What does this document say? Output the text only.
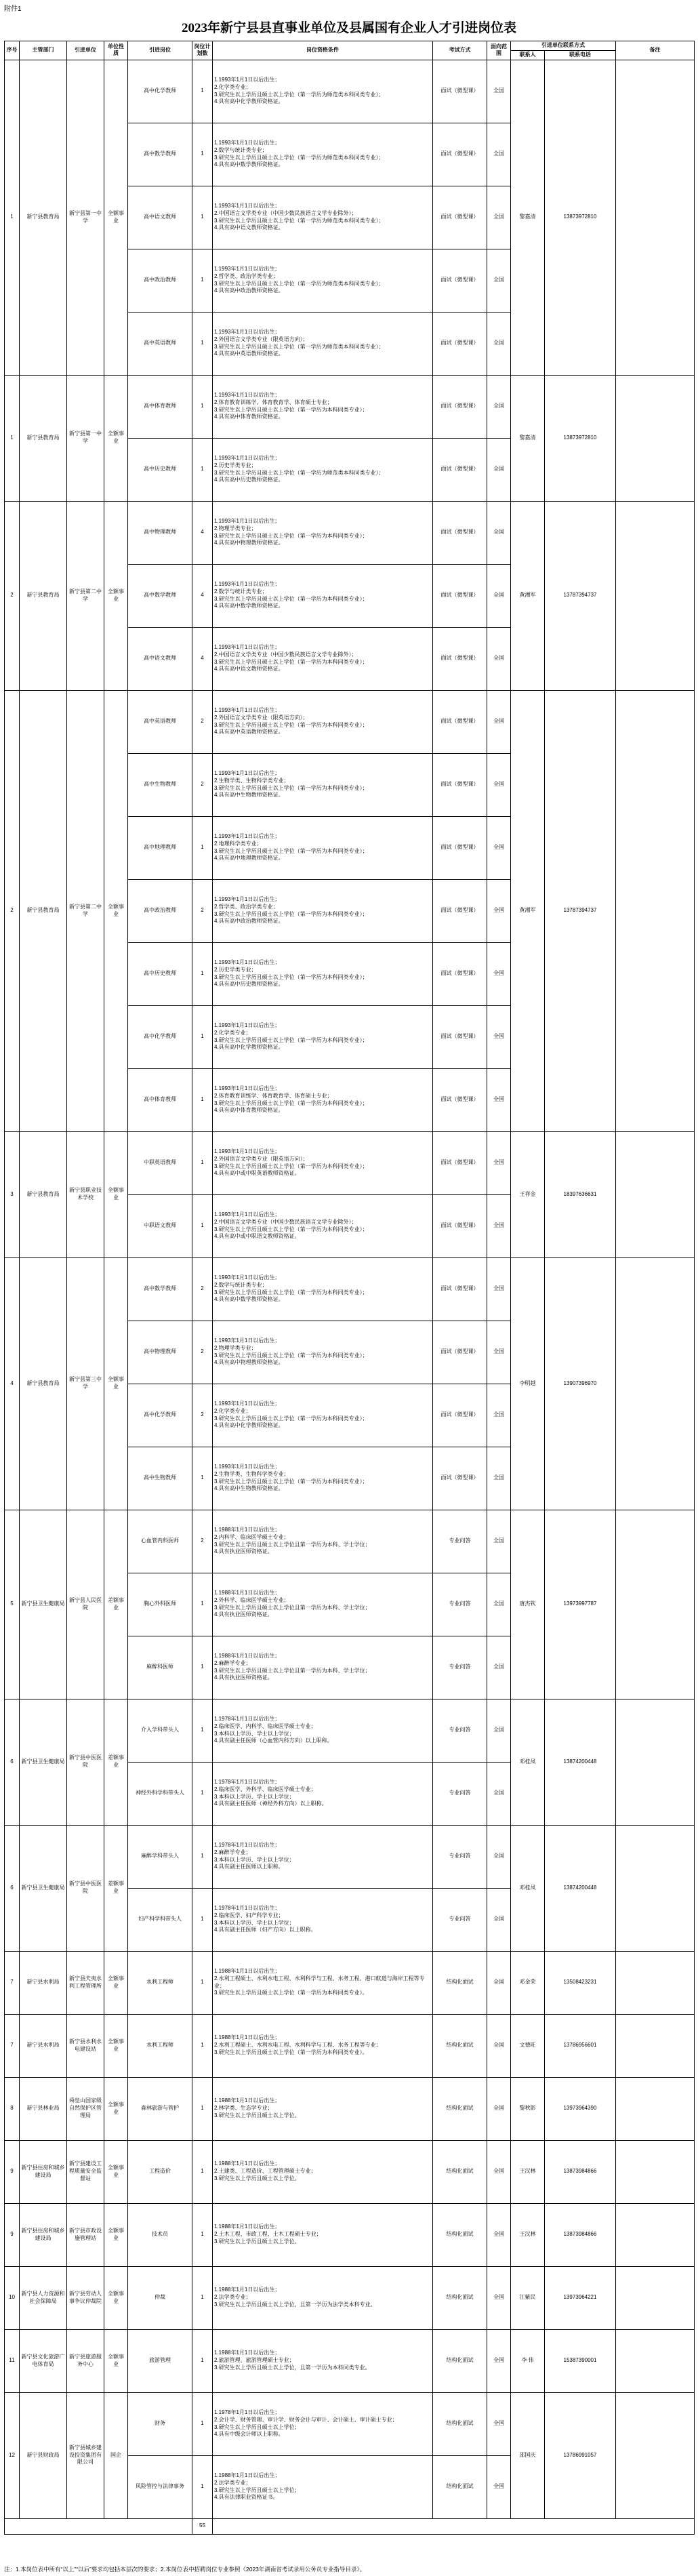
附件1
2023年新宁县县直事业单位及县属国有企业人才引进岗位表
序号	主管部门	引进单位	单位性质	引进岗位	岗位计划数	岗位资格条件	考试方式	面向范围	引进单位联系方式		备注
									联系人	联系电话	
1	新宁县教育局	新宁县第一中学	全额事业	高中化学教师	1	1.1993年1月1日以后出生；
2.化学类专业；
3.研究生以上学历且硕士以上学位（第一学历为师范类本科同类专业）；
4.具有高中化学教师资格证。	面试（微型课）	全国	黎嘉清	13873972810	
				高中数学教师	1	1.1993年1月1日以后出生；
2.数学与统计类专业；
3.研究生以上学历且硕士以上学位（第一学历为师范类本科同类专业）；
4.具有高中数学教师资格证。	面试（微型课）	全国			
				高中语文教师	1	1.1993年1月1日以后出生；
2.中国语言文学类专业（中国少数民族语言文学专业除外）；
3.研究生以上学历且硕士以上学位（第一学历为师范类本科同类专业）；
4.具有高中语文教师资格证。	面试（微型课）	全国			
				高中政治教师	1	1.1993年1月1日以后出生；
2.哲学类、政治学类专业；
3.研究生以上学历且硕士以上学位（第一学历为师范类本科同类专业）；
4.具有高中政治教师资格证。	面试（微型课）	全国			
				高中英语教师	1	1.1993年1月1日以后出生；
2.外国语言文学类专业（限英语方向）；
3.研究生以上学历且硕士以上学位（第一学历为师范类本科同类专业）；
4.具有高中英语教师资格证。	面试（微型课）	全国			
1	新宁县教育局	新宁县第一中学	全额事业	高中体育教师	1	1.1993年1月1日以后出生；
2.体育教育训练学、体育教育学、体育硕士专业；
3.研究生以上学历且硕士以上学位（第一学历为本科同类专业）；
4.具有高中体育教师资格证。	面试（微型课）	全国	黎嘉清	13873972810	
				高中历史教师	1	1.1993年1月1日以后出生；
2.历史学类专业；
3.研究生以上学历且硕士以上学位（第一学历为师范类本科同类专业）；
4.具有高中历史教师资格证。	面试（微型课）	全国			
2	新宁县教育局	新宁县第二中学	全额事业	高中物理教师	4	1.1993年1月1日以后出生；
2.物理学类专业；
3.研究生以上学历且硕士以上学位（第一学历为本科同类专业）；
4.具有高中物理教师资格证。	面试（微型课）	全国	黄湘军	13787394737	
				高中数学教师	4	1.1993年1月1日以后出生；
2.数学与统计类专业；
3.研究生以上学历且硕士以上学位（第一学历为本科同类专业）；
4.具有高中数学教师资格证。	面试（微型课）	全国			
				高中语文教师	4	1.1993年1月1日以后出生；
2.中国语言文学类专业（中国少数民族语言文学专业除外）；
3.研究生以上学历且硕士以上学位（第一学历为本科同类专业）；
4.具有高中语文教师资格证。	面试（微型课）	全国			
2	新宁县教育局	新宁县第二中学	全额事业	高中英语教师	2	1.1993年1月1日以后出生；
2.外国语言文学类专业（限英语方向）；
3.研究生以上学历且硕士以上学位（第一学历为本科同类专业）；
4.具有高中英语教师资格证。	面试（微型课）	全国	黄湘军	13787394737	
				高中生物教师	2	1.1993年1月1日以后出生；
2.生物学类、生物科学类专业；
3.研究生以上学历且硕士以上学位（第一学历为本科同类专业）；
4.具有高中生物教师资格证。	面试（微型课）	全国			
				高中地理教师	1	1.1993年1月1日以后出生；
2.地理科学类专业；
3.研究生以上学历且硕士以上学位（第一学历为本科同类专业）；
4.具有高中地理教师资格证。	面试（微型课）	全国			
				高中政治教师	2	1.1993年1月1日以后出生；
2.哲学类、政治学类专业；
3.研究生以上学历且硕士以上学位（第一学历为本科同类专业）；
4.具有高中政治教师资格证。	面试（微型课）	全国			
				高中历史教师	1	1.1993年1月1日以后出生；
2.历史学类专业；
3.研究生以上学历且硕士以上学位（第一学历为本科同类专业）；
4.具有高中历史教师资格证。	面试（微型课）	全国			
				高中化学教师	1	1.1993年1月1日以后出生；
2.化学类专业；
3.研究生以上学历且硕士以上学位（第一学历为本科同类专业）；
4.具有高中化学教师资格证。	面试（微型课）	全国			
				高中体育教师	1	1.1993年1月1日以后出生；
2.体育教育训练学、体育教育学、体育硕士专业；
3.研究生以上学历且硕士以上学位（第一学历为本科同类专业）；
4.具有高中体育教师资格证。	面试（微型课）	全国			
3	新宁县教育局	新宁县职业技术学校	全额事业	中职英语教师	1	1.1993年1月1日以后出生；
2.外国语言文学类专业（限英语方向）；
3.研究生以上学历且硕士以上学位（第一学历为本科同类专业）；
4.具有高中或中职英语教师资格证。	面试（微型课）	全国	王祥金	18397636631	
				中职语文教师	1	1.1993年1月1日以后出生；
2.中国语言文学类专业（中国少数民族语言文学专业除外）；
3.研究生以上学历且硕士以上学位（第一学历为本科同类专业）；
4.具有高中或中职语文教师资格证。	面试（微型课）	全国			
4	新宁县教育局	新宁县第三中学	全额事业	高中数学教师	2	1.1993年1月1日以后出生；
2.数学与统计类专业；
3.研究生以上学历且硕士以上学位（第一学历为本科同类专业）；
4.具有高中数学教师资格证。	面试（微型课）	全国	李明越	13907396970	
				高中物理教师	2	1.1993年1月1日以后出生；
2.物理学类专业；
3.研究生以上学历且硕士以上学位（第一学历为本科同类专业）；
4.具有高中物理教师资格证。	面试（微型课）	全国			
				高中化学教师	2	1.1993年1月1日以后出生；
2.化学类专业；
3.研究生以上学历且硕士以上学位（第一学历为本科同类专业）；
4.具有高中化学教师资格证。	面试（微型课）	全国			
				高中生物教师	1	1.1993年1月1日以后出生；
2.生物学类、生物科学类专业；
3.研究生以上学历且硕士以上学位（第一学历为本科同类专业）；
4.具有高中生物教师资格证。	面试（微型课）	全国			
5	新宁县卫生健康局	新宁县人民医院	差额事业	心血管内科医师	2	1.1988年1月1日以后出生；
2.内科学、临床医学硕士专业；
3.研究生以上学历且硕士以上学位且第一学历为本科、学士学位；
4.具有执业医师资格证。	专业问答	全国	唐杰钦	13973997787	
				胸心外科医师	1	1.1988年1月1日以后出生；
2.外科学、临床医学硕士专业；
3.研究生以上学历且硕士以上学位且第一学历为本科、学士学位；
4.具有执业医师资格证。	专业问答	全国			
				麻醉科医师	1	1.1988年1月1日以后出生；
2.麻醉学专业；
3.研究生以上学历且硕士以上学位且第一学历为本科、学士学位；
4.具有执业医师资格证。	专业问答	全国			
6	新宁县卫生健康局	新宁县中医医院	差额事业	介入学科带头人	1	1.1978年1月1日以后出生；
2.临床医学、内科学、临床医学硕士专业；
3.本科以上学历、学士以上学位；
4.具有副主任医师（心血管内科方向）以上职称。	专业问答	全国	邓桂凤	13874200448	
				神经外科学科带头人	1	1.1978年1月1日以后出生；
2.临床医学、外科学、临床医学硕士专业；
3.本科以上学历、学士以上学位；
4.具有副主任医师（神经外科方向）以上职称。	专业问答	全国			
6	新宁县卫生健康局	新宁县中医医院	差额事业	麻醉学科带头人	1	1.1978年1月1日以后出生；
2.麻醉学专业；
3.本科以上学历、学士以上学位；
4.具有副主任医师以上职称。	专业问答	全国	邓桂凤	13874200448	
				妇产科学科带头人	1	1.1978年1月1日以后出生；
2.临床医学、妇产科学专业；
3.本科以上学历、学士以上学位；
4.具有副主任医师（妇产方向）以上职称。	专业问答	全国			
7	新宁县水利局	新宁县夫夷水利工程管理所	全额事业	水利工程师	1	1.1988年1月1日以后出生；
2.水利工程硕士、水利水电工程、水利科学与工程、水务工程、港口航道与海岸工程等专业；
3.研究生以上学历且硕士以上学位（第一学历为本科同类专业）。	结构化面试	全国	邓金荣	13508423231	
7	新宁县水利局	新宁县水利水电建设站	全额事业	水利工程师	1	1.1988年1月1日以后出生；
2.水利工程硕士、水利水电工程、水利科学与工程、水务工程等专业；
3.研究生以上学历且硕士以上学位（第一学历为本科同类专业）。	结构化面试	全国	文德旺	13786956601	
8	新宁县林业局	舜皇山国家级自然保护区管理局	全额事业	森林旅游与管护	1	1.1988年1月1日以后出生；
2.林学类、生态学专业；
3.研究生以上学历且硕士以上学位。	结构化面试	全国	黎秋影	13973964390	
9	新宁县住房和城乡建设局	新宁县建设工程质量安全监督站	全额事业	工程造价	1	1.1988年1月1日以后出生；
2.土建类、工程造价、工程管理硕士专业；
3.研究生以上学历且硕士以上学位。	结构化面试	全国	王汉林	13873984866	
9	新宁县住房和城乡建设局	新宁县市政设施管理站	全额事业	技术员	1	1.1988年1月1日以后出生；
2.土木工程、市政工程、土木工程硕士专业；
3.研究生以上学历且硕士以上学位。	结构化面试	全国	王汉林	13873984866	
10	新宁县人力资源和社会保障局	新宁县劳动人事争议仲裁院	全额事业	仲裁	1	1.1988年1月1日以后出生；
2.法学类专业；
3.研究生以上学历且硕士以上学位，且第一学历为法学类本科专业。	结构化面试	全国	江紫民	13973964221	
11	新宁县文化旅游广电体育局	新宁县旅游服务中心	全额事业	旅游管理	1	1.1988年1月1日以后出生；
2.旅游管理、旅游管理硕士专业；
3.研究生以上学历且硕士以上学位，且第一学历为本科同类专业。	结构化面试	全国	李 伟	15387390001	
12	新宁县财政局	新宁县城乡建设投资集团有限公司	国企	财务	1	1.1978年1月1日以后出生；
2.会计学、财务管理、审计学、财务会计与审计、会计硕士、审计硕士专业；
3.研究生以上学历且硕士以上学位；
4.具有中级会计师以上职称。	结构化面试	全国	邵国庆	13786991057	
				风险管控与法律事务	1	1.1988年1月1日以后出生；
2.法学类专业；
3.研究生以上学历且硕士以上学位；
4.具有法律职业资格证书。	结构化面试	全国			
					55						
注：1.本岗位表中所有“以上”“以后”要求均包括本层次的要求；2.本岗位表中招聘岗位专业参照《2023年湖南省考试录用公务员专业指导目录》。
